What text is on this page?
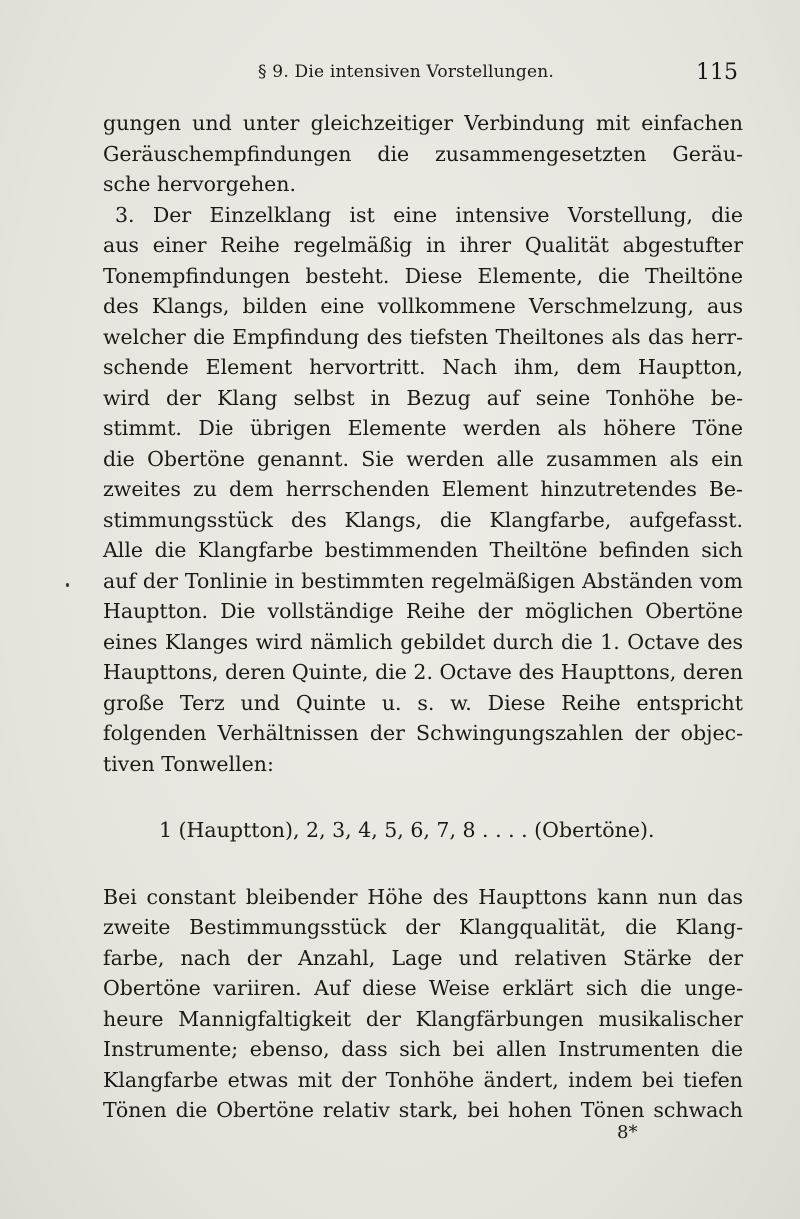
§ 9. Die intensiven Vorstellungen.	115
gungen und unter gleichzeitiger Verbindung mit einfachen
Geräuschempfindungen die zusammengesetzten Geräu-
sche hervorgehen.
3. Der Einzelklang ist eine intensive Vorstellung, die
aus einer Reihe regelmäßig in ihrer Qualität abgestufter
Tonempfindungen besteht. Diese Elemente, die Theiltöne
des Klangs, bilden eine vollkommene Verschmelzung, aus
welcher die Empfindung des tiefsten Theiltones als das herr-
schende Element hervortritt. Nach ihm, dem Hauptton,
wird der Klang selbst in Bezug auf seine Tonhöhe be-
stimmt. Die übrigen Elemente werden als höhere Töne
die Obertöne genannt. Sie werden alle zusammen als ein
zweites zu dem herrschenden Element hinzutretendes Be-
stimmungsstück des Klangs, die Klangfarbe, aufgefasst.
Alle die Klangfarbe bestimmenden Theiltöne befinden sich
auf der Tonlinie in bestimmten regelmäßigen Abständen vom
Hauptton. Die vollständige Reihe der möglichen Obertöne
eines Klanges wird nämlich gebildet durch die 1. Octave des
Haupttons, deren Quinte, die 2. Octave des Haupttons, deren
große Terz und Quinte u. s. w. Diese Reihe entspricht
folgenden Verhältnissen der Schwingungszahlen der objec-
tiven Tonwellen:
1 (Hauptton), 2, 3, 4, 5, 6, 7, 8 . . . . (Obertöne).
Bei constant bleibender Höhe des Haupttons kann nun das
zweite Bestimmungsstück der Klangqualität, die Klang-
farbe, nach der Anzahl, Lage und relativen Stärke der
Obertöne variiren. Auf diese Weise erklärt sich die unge-
heure Mannigfaltigkeit der Klangfärbungen musikalischer
Instrumente; ebenso, dass sich bei allen Instrumenten die
Klangfarbe etwas mit der Tonhöhe ändert, indem bei tiefen
Tönen die Obertöne relativ stark, bei hohen Tönen schwach
8*
